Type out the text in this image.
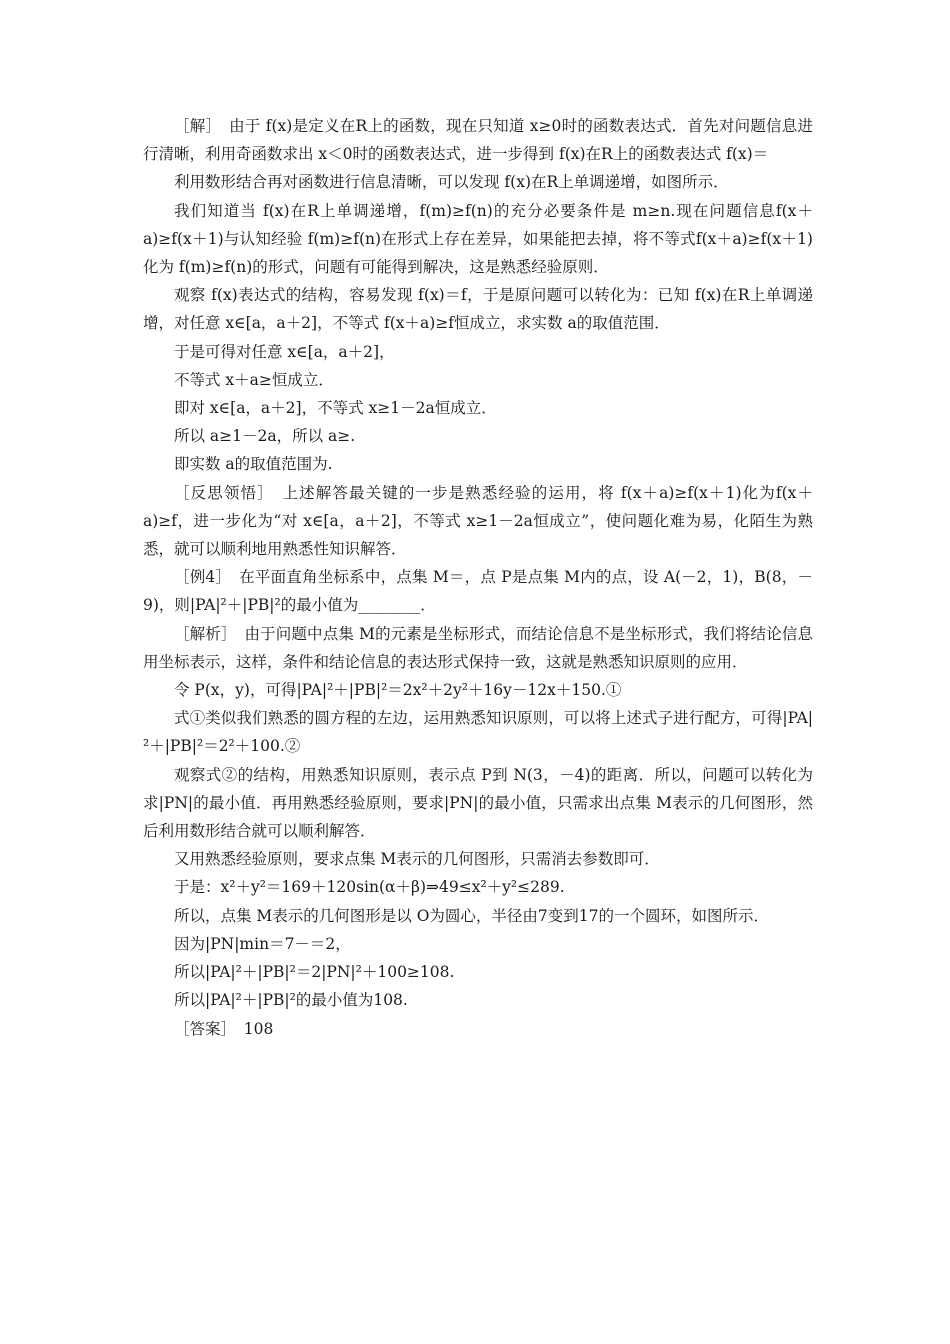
［解］　由于 f(x)是定义在R上的函数，现在只知道 x≥0时的函数表达式．首先对问题信息进行清晰，利用奇函数求出 x＜0时的函数表达式，进一步得到 f(x)在R上的函数表达式 f(x)＝

利用数形结合再对函数进行信息清晰，可以发现 f(x)在R上单调递增，如图所示．

我们知道当 f(x)在R上单调递增，f(m)≥f(n)的充分必要条件是 m≥n.现在问题信息f(x＋a)≥f(x＋1)与认知经验 f(m)≥f(n)在形式上存在差异，如果能把去掉，将不等式f(x＋a)≥f(x＋1)化为 f(m)≥f(n)的形式，问题有可能得到解决，这是熟悉经验原则．

观察 f(x)表达式的结构，容易发现 f(x)＝f，于是原问题可以转化为：已知 f(x)在R上单调递增，对任意 x∈[a，a＋2]，不等式 f(x＋a)≥f恒成立，求实数 a的取值范围．

于是可得对任意 x∈[a，a＋2]，

不等式 x＋a≥恒成立．

即对 x∈[a，a＋2]，不等式 x≥1－2a恒成立．

所以 a≥1－2a，所以 a≥.

即实数 a的取值范围为.

［反思领悟］　上述解答最关键的一步是熟悉经验的运用，将 f(x＋a)≥f(x＋1)化为f(x＋a)≥f，进一步化为“对 x∈[a，a＋2]，不等式 x≥1－2a恒成立”，使问题化难为易，化陌生为熟悉，就可以顺利地用熟悉性知识解答．

［例4］　在平面直角坐标系中，点集 M＝，点 P是点集 M内的点，设 A(－2，1)，B(8，－9)，则|PA|²＋|PB|²的最小值为________．

［解析］　由于问题中点集 M的元素是坐标形式，而结论信息不是坐标形式，我们将结论信息用坐标表示，这样，条件和结论信息的表达形式保持一致，这就是熟悉知识原则的应用．

令 P(x，y)，可得|PA|²＋|PB|²＝2x²＋2y²＋16y－12x＋150.①

式①类似我们熟悉的圆方程的左边，运用熟悉知识原则，可以将上述式子进行配方，可得|PA|²＋|PB|²＝2²＋100.②

观察式②的结构，用熟悉知识原则，表示点 P到 N(3，－4)的距离．所以，问题可以转化为求|PN|的最小值．再用熟悉经验原则，要求|PN|的最小值，只需求出点集 M表示的几何图形，然后利用数形结合就可以顺利解答．

又用熟悉经验原则，要求点集 M表示的几何图形，只需消去参数即可．

于是：x²＋y²＝169＋120sin(α＋β)⇒49≤x²＋y²≤289.

所以，点集 M表示的几何图形是以 O为圆心，半径由7变到17的一个圆环，如图所示．

因为|PN|min＝7－＝2，

所以|PA|²＋|PB|²＝2|PN|²＋100≥108.

所以|PA|²＋|PB|²的最小值为108.

［答案］　108
